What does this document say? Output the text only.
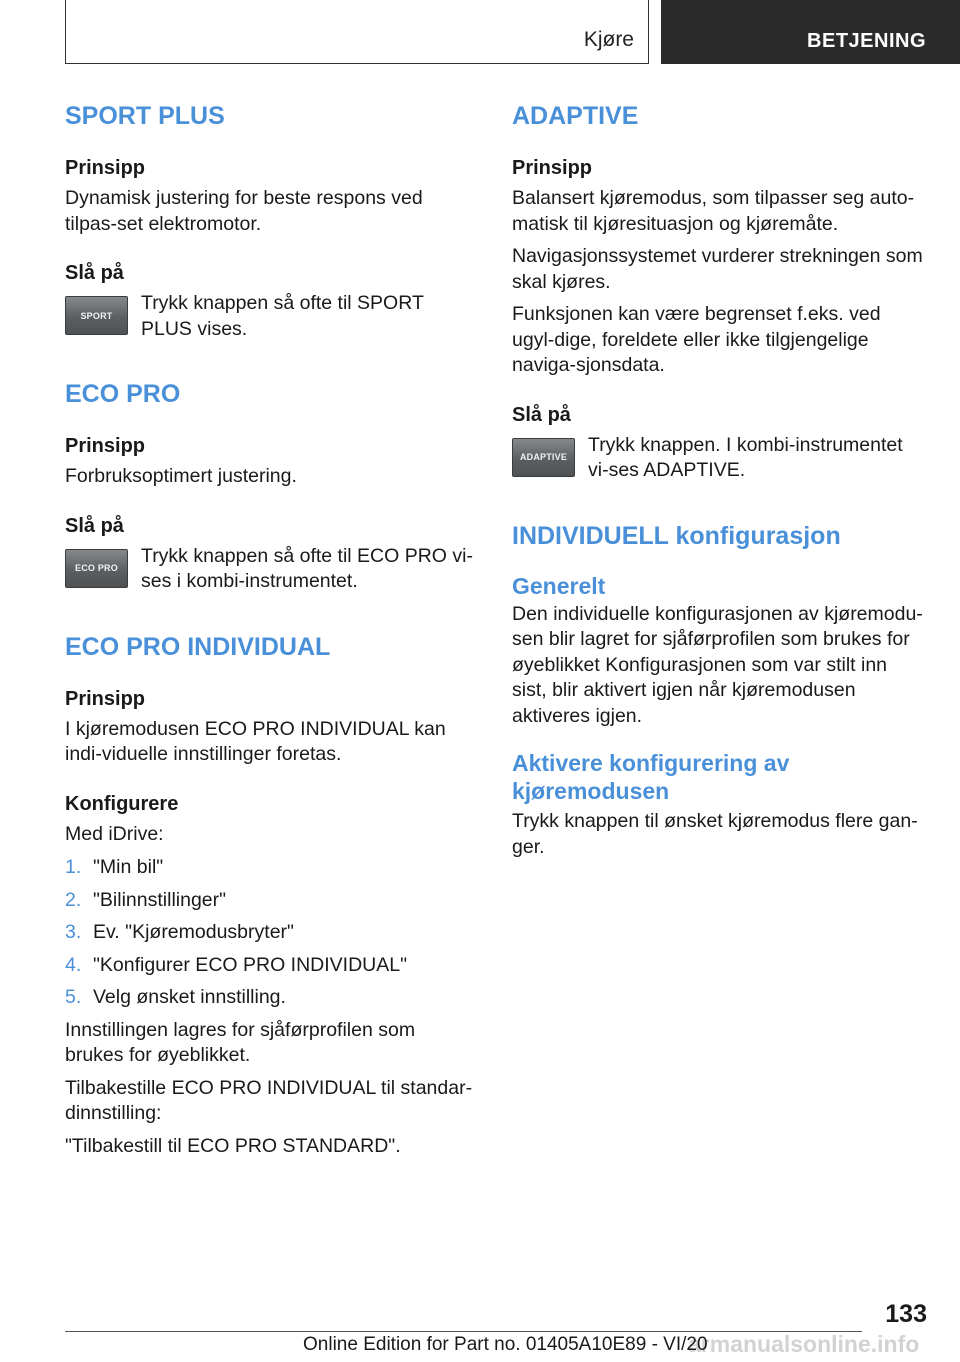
Kjøre	BETJENING
SPORT PLUS
Prinsipp

Dynamisk justering for beste respons ved tilpas-set elektromotor.

Slå på
SPORT

Trykk knappen så ofte til SPORT PLUS vises.

ECO PRO
Prinsipp

Forbruksoptimert justering.

Slå på
ECO PRO

Trykk knappen så ofte til ECO PRO vi-ses i kombi-instrumentet.

ECO PRO INDIVIDUAL
Prinsipp

I kjøremodusen ECO PRO INDIVIDUAL kan indi-viduelle innstillinger foretas.

Konfigurere

Med iDrive:

1. "Min bil"
2. "Bilinnstillinger"
3. Ev. "Kjøremodusbryter"
4. "Konfigurer ECO PRO INDIVIDUAL"
5. Velg ønsket innstilling.

Innstillingen lagres for sjåførprofilen som brukes for øyeblikket.

Tilbakestille ECO PRO INDIVIDUAL til standar-dinnstilling:

"Tilbakestill til ECO PRO STANDARD".

ADAPTIVE
Prinsipp

Balansert kjøremodus, som tilpasser seg auto-matisk til kjøresituasjon og kjøremåte.

Navigasjonssystemet vurderer strekningen som skal kjøres.

Funksjonen kan være begrenset f.eks. ved ugyl-dige, foreldete eller ikke tilgjengelige naviga-sjonsdata.

Slå på
ADAPTIVE

Trykk knappen. I kombi-instrumentet vi-ses ADAPTIVE.

INDIVIDUELL konfigurasjon
Generelt

Den individuelle konfigurasjonen av kjøremodu-sen blir lagret for sjåførprofilen som brukes for øyeblikket Konfigurasjonen som var stilt inn sist, blir aktivert igjen når kjøremodusen aktiveres igjen.

Aktivere konfigurering av kjøremodusen

Trykk knappen til ønsket kjøremodus flere gan-ger.

133
armanualsonline.info
Online Edition for Part no. 01405A10E89 - VI/20
